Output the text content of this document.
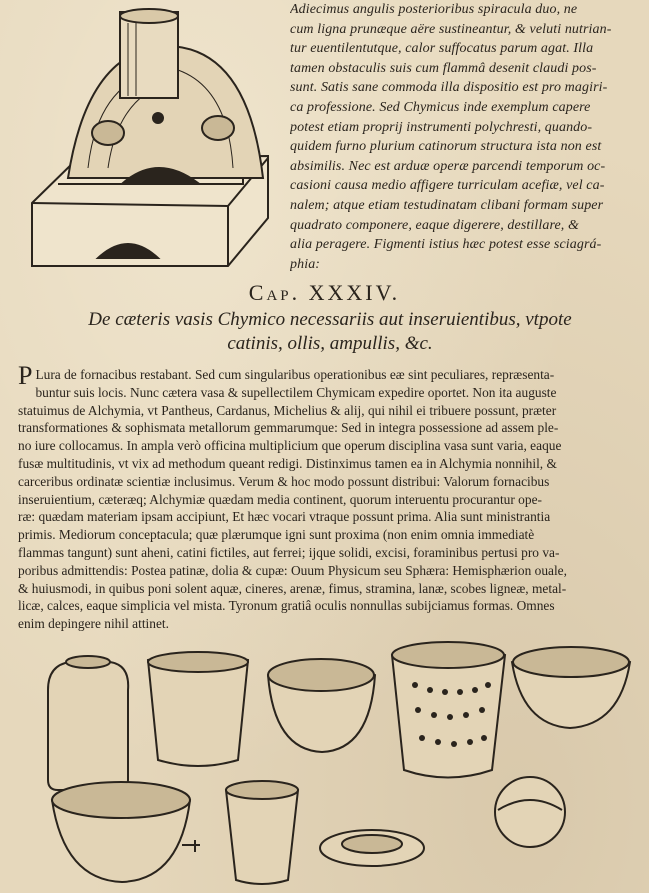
Adiecimus angulis posterioribus spiracula duo, ne
cum ligna prunæque aëre sustineantur, & veluti nutrian-
tur euentilentutque, calor suffocatus parum agat. Illa
tamen obstaculis suis cum flammâ desenit claudi pos-
sunt. Satis sane commoda illa dispositio est pro magiri-
ca professione. Sed Chymicus inde exemplum capere
potest etiam proprij instrumenti polychresti, quando-
quidem furno plurium catinorum structura ista non est
absimilis. Nec est arduæ operæ parcendi temporum oc-
casioni causa medio affigere turriculam acefiæ, vel ca-
nalem; atque etiam testudinatam clibani formam super
quadrato componere, eaque digerere, destillare, &
alia peragere. Figmenti istius hæc potest esse sciagrá-
phia:
Cap. XXXIV.
De cæteris vasis Chymico necessariis aut inseruientibus, vtpote
catinis, ollis, ampullis, &c.
P Lura de fornacibus restabant. Sed cum singularibus operationibus eæ sint peculiares, repræsenta-
buntur suis locis. Nunc cætera vasa & supellectilem Chymicam expedire oportet. Non ita auguste
statuimus de Alchymia, vt Pantheus, Cardanus, Michelius & alij, qui nihil ei tribuere possunt, præter
transformationes & sophismata metallorum gemmarumque: Sed in integra possessione ad assem ple-
no iure collocamus. In ampla verò officina multiplicium que operum disciplina vasa sunt varia, eaque
fusæ multitudinis, vt vix ad methodum queant redigi. Distinximus tamen ea in Alchymia nonnihil, &
carceribus ordinatæ scientiæ inclusimus. Verum & hoc modo possunt distribui: Valorum fornacibus
inseruientium, cæteræq; Alchymiæ quædam media continent, quorum interuentu procurantur ope-
ræ: quædam materiam ipsam accipiunt, Et hæc vocari vtraque possunt prima. Alia sunt ministrantia
primis. Mediorum conceptacula; quæ plærumque igni sunt proxima (non enim omnia immediatè
flammas tangunt) sunt aheni, catini fictiles, aut ferrei; ijque solidi, excisi, foraminibus pertusi pro va-
poribus admittendis: Postea patinæ, dolia & cupæ: Ouum Physicum seu Sphæra: Hemisphærion ouale,
& huiusmodi, in quibus poni solent aquæ, cineres, arenæ, fimus, stramina, lanæ, scobes ligneæ, metal-
licæ, calces, eaque simplicia vel mista. Tyronum gratiâ oculis nonnullas subijciamus formas. Omnes
enim depingere nihil attinet.
